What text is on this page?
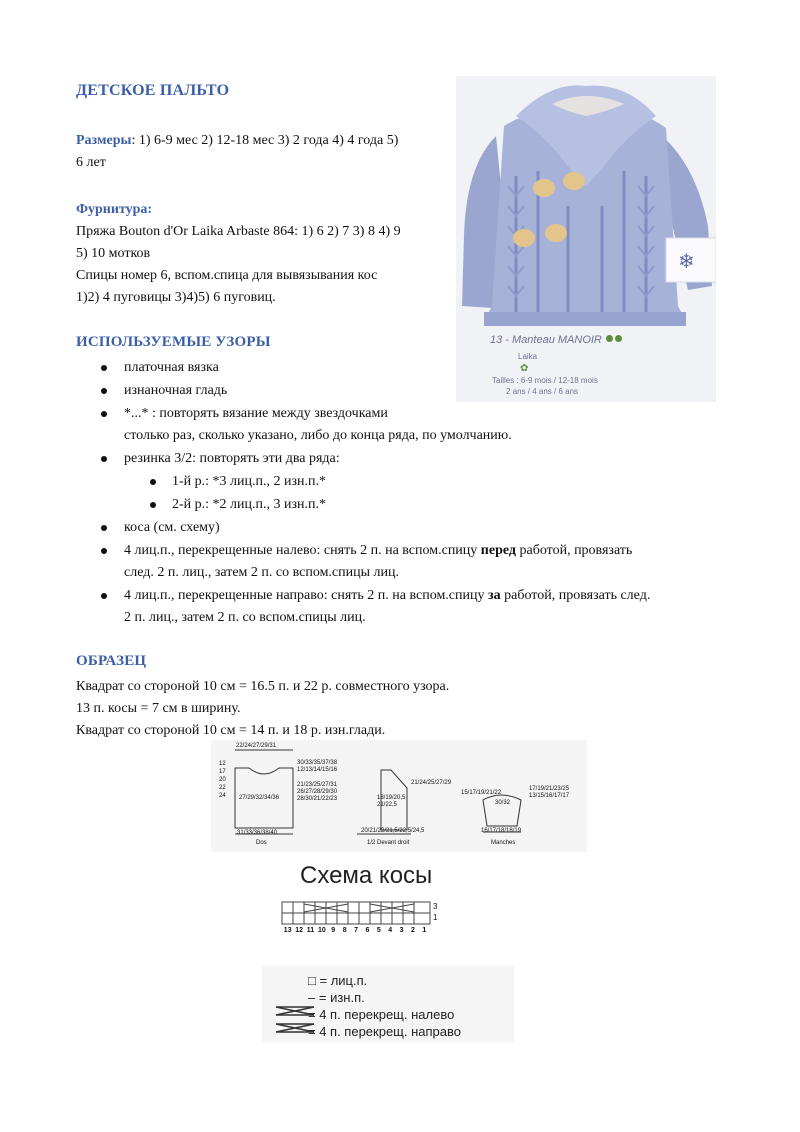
ДЕТСКОЕ ПАЛЬТО
Размеры: 1) 6-9 мес 2) 12-18 мес 3) 2 года 4) 4 года 5)
6 лет
Фурнитура:
Пряжа Bouton d'Or Laika Arbaste 864: 1) 6 2) 7 3) 8 4) 9
5) 10 мотков
Спицы номер 6, вспом.спица для вывязывания кос
1)2) 4 пуговицы 3)4)5) 6 пуговиц.
ИСПОЛЬЗУЕМЫЕ УЗОРЫ
платочная вязка
изнаночная гладь
*...* : повторять вязание между звездочками
столько раз, сколько указано, либо до конца ряда, по умолчанию.
резинка 3/2: повторять эти два ряда:
1-й р.: *3 лиц.п., 2 изн.п.*
2-й р.: *2 лиц.п., 3 изн.п.*
коса (см. схему)
4 лиц.п., перекрещенные налево: снять 2 п. на вспом.спицу перед работой, провязать
след. 2 п. лиц., затем 2 п. со вспом.спицы лиц.
4 лиц.п., перекрещенные направо: снять 2 п. на вспом.спицу за работой, провязать след.
2 п. лиц., затем 2 п. со вспом.спицы лиц.
ОБРАЗЕЦ
Квадрат со стороной 10 см = 16.5 п. и 22 р. совместного узора.
13 п. косы = 7 см в ширину.
Квадрат со стороной 10 см = 14 п. и 18 р. изн.глади.
❄
13 - Manteau MANOIR
Laika
✿
Tailles : 6-9 mois / 12-18 mois
2 ans / 4 ans / 6 ans
22/24/27/29/31
12
17
20
22
24
30/33/35/37/38
12/13/14/15/16
21/23/25/27/31
26/27/28/29/30
28/30/21/22/23
27/29/32/34/36
31/33/36/38/40
Dos
21/24/25/27/29
18/19/20,5
21/22,5
20/21/22/21,5/22,5/24,5
1/2 Devant droit
15/17/19/21/22
30/32
17/19/21/23/25
13/15/16/17/17
16/17/18/18/19
Manches
Схема косы
3
1
13 12 11 10 9	8	7	6	5	4	3	2	1
□ = лиц.п.
– = изн.п.
= 4 п. перекрещ. налево
= 4 п. перекрещ. направо
